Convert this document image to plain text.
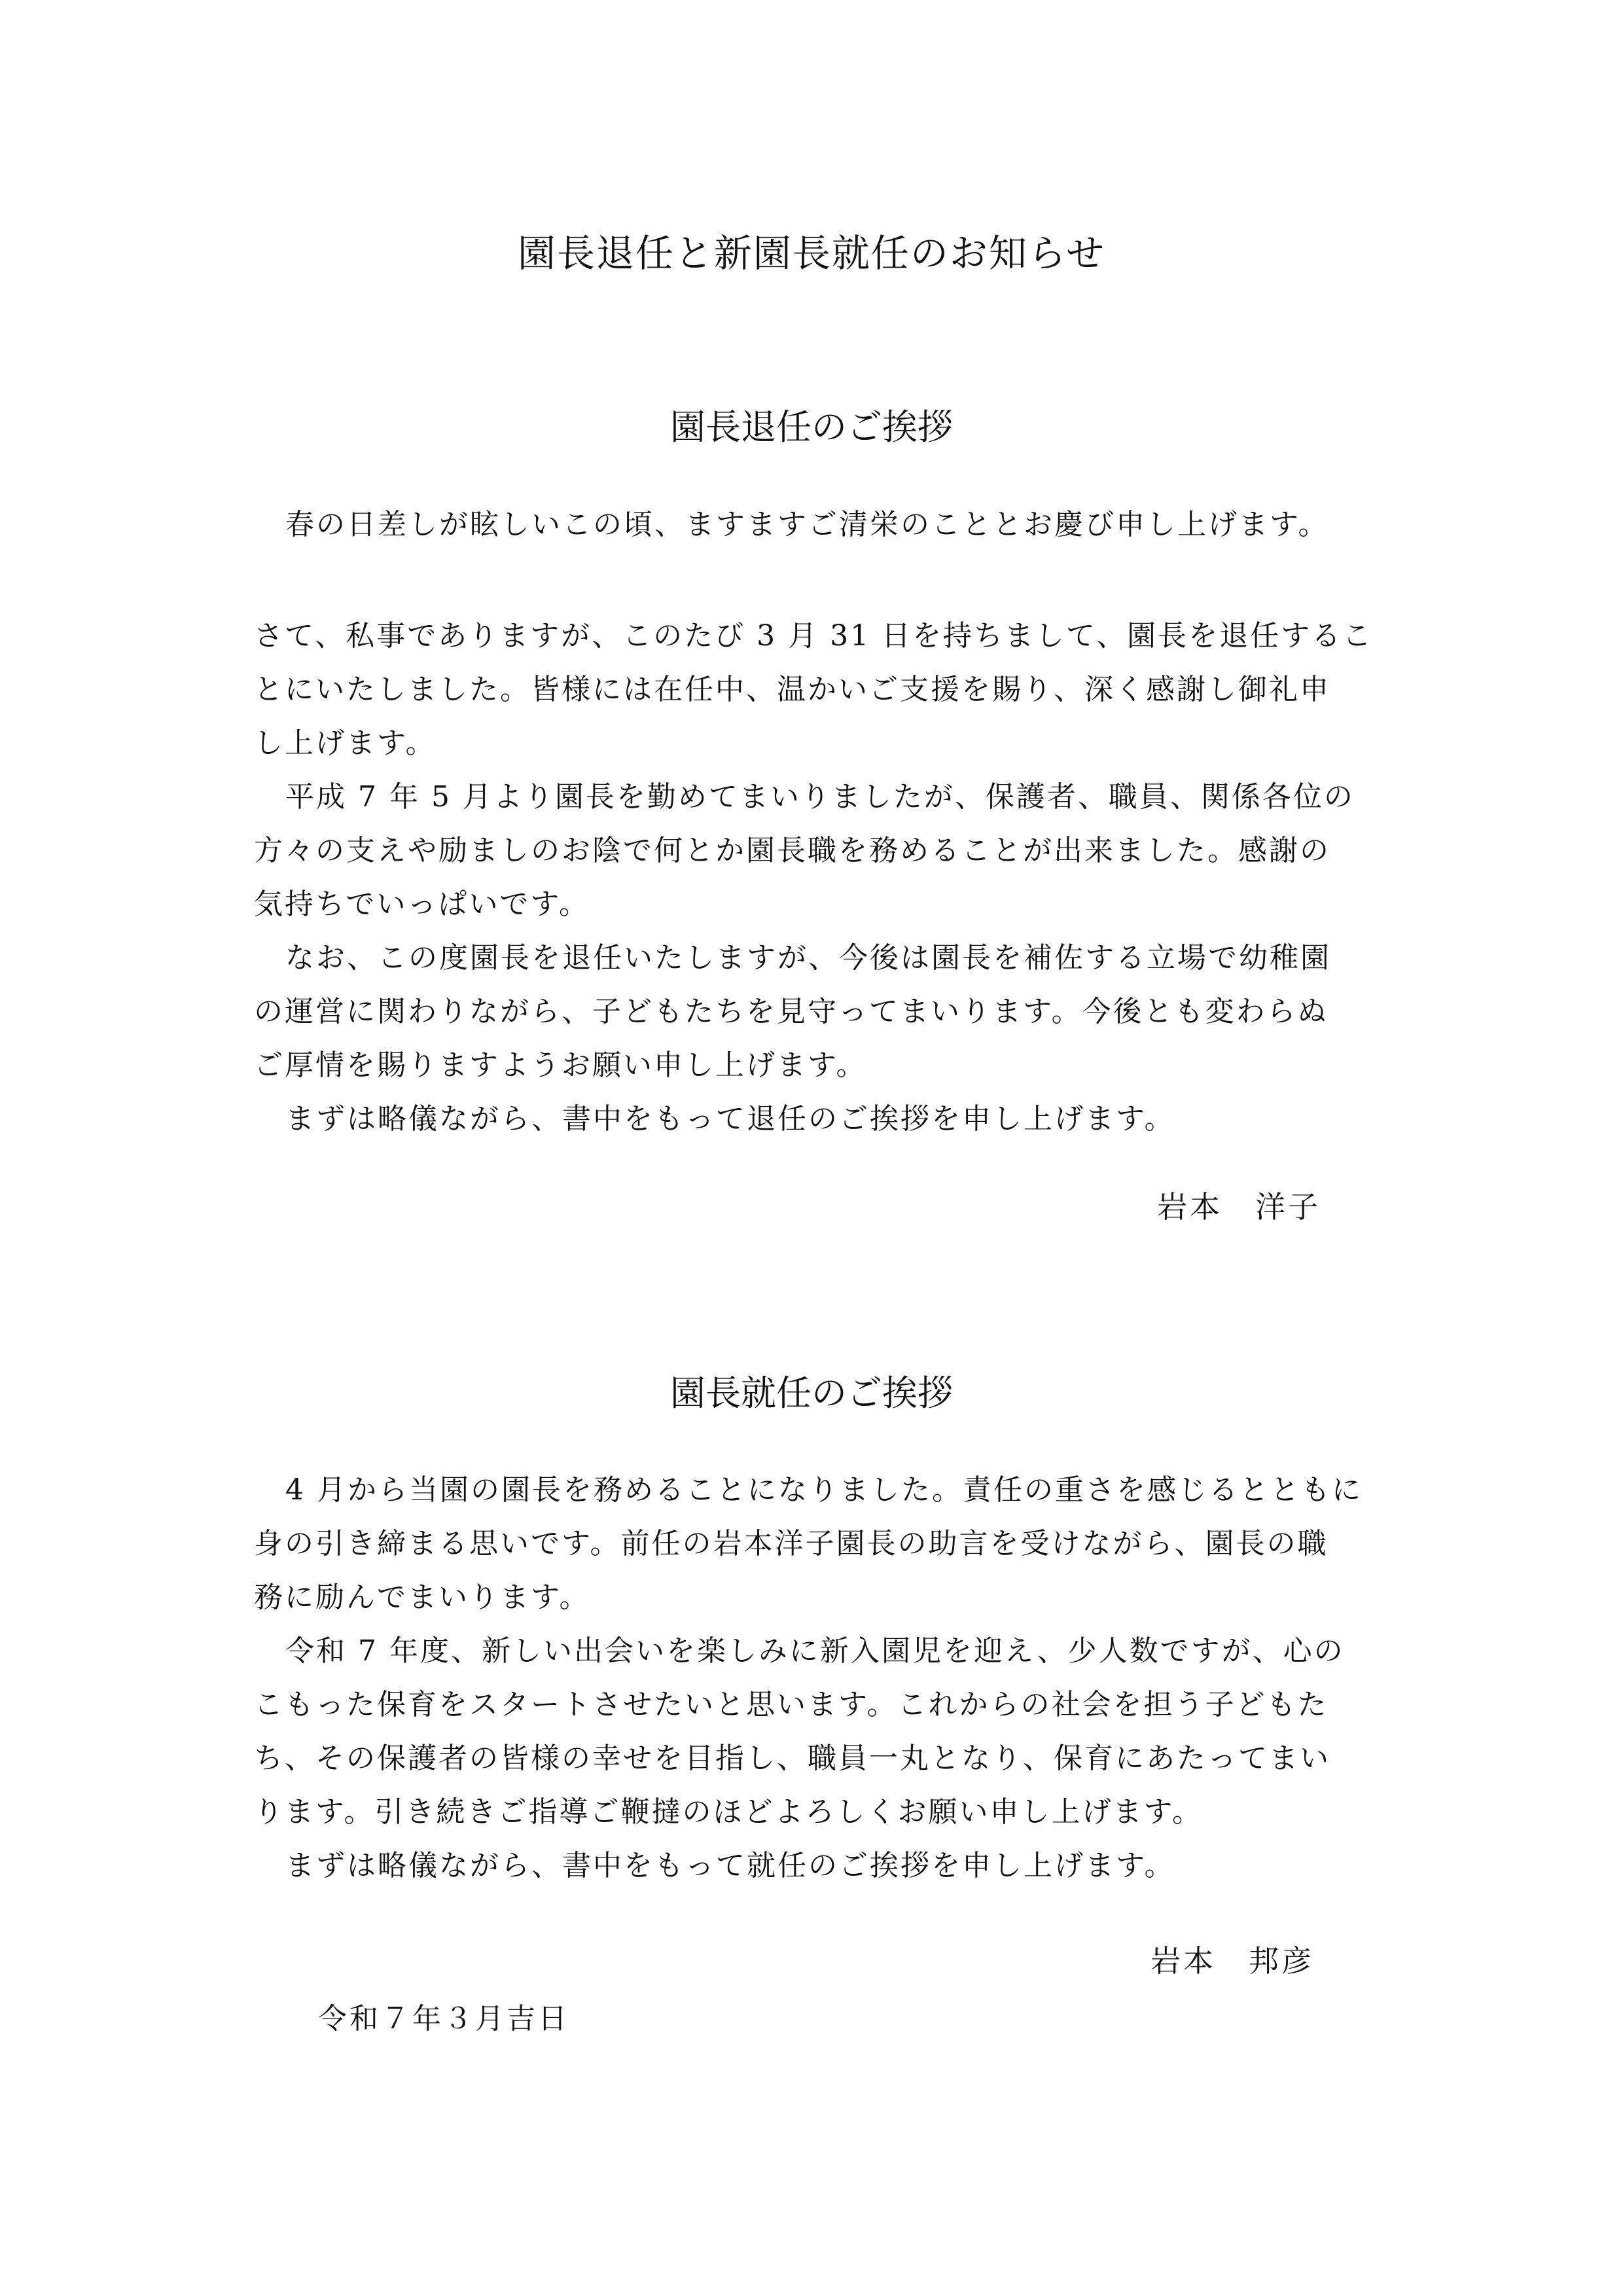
園長退任と新園長就任のお知らせ
園長退任のご挨拶
春の日差しが眩しいこの頃、ますますご清栄のこととお慶び申し上げます。
さて、私事でありますが、このたび 3 月 31 日を持ちまして、園長を退任するこ
とにいたしました。皆様には在任中、温かいご支援を賜り、深く感謝し御礼申
し上げます。
平成 7 年 5 月より園長を勤めてまいりましたが、保護者、職員、関係各位の
方々の支えや励ましのお陰で何とか園長職を務めることが出来ました。感謝の
気持ちでいっぱいです。
なお、この度園長を退任いたしますが、今後は園長を補佐する立場で幼稚園
の運営に関わりながら、子どもたちを見守ってまいります。今後とも変わらぬ
ご厚情を賜りますようお願い申し上げます。
まずは略儀ながら、書中をもって退任のご挨拶を申し上げます。
岩本　洋子
園長就任のご挨拶
4 月から当園の園長を務めることになりました。責任の重さを感じるとともに
身の引き締まる思いです。前任の岩本洋子園長の助言を受けながら、園長の職
務に励んでまいります。
令和 7 年度、新しい出会いを楽しみに新入園児を迎え、少人数ですが、心の
こもった保育をスタートさせたいと思います。これからの社会を担う子どもた
ち、その保護者の皆様の幸せを目指し、職員一丸となり、保育にあたってまい
ります。引き続きご指導ご鞭撻のほどよろしくお願い申し上げます。
まずは略儀ながら、書中をもって就任のご挨拶を申し上げます。
岩本　邦彦
令和７年３月吉日
